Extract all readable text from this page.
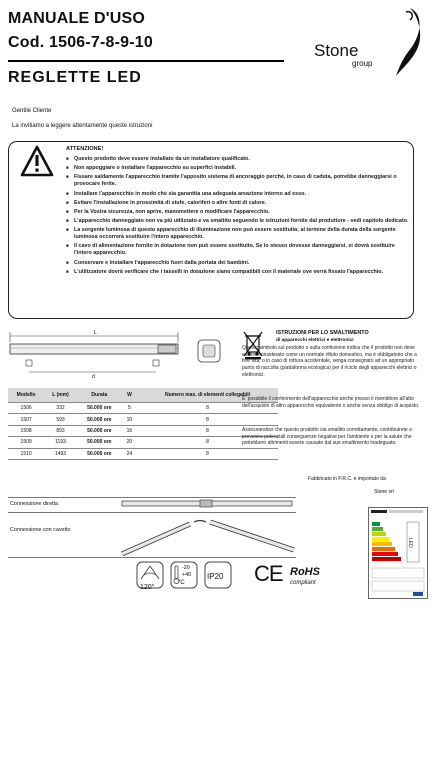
MANUALE D'USO
Cod. 1506-7-8-9-10
REGLETTE LED
Stone
group
Gentile Cliente
La invitiamo a leggere attentamente queste istruzioni
ATTENZIONE!
■ Questo prodotto deve essere installato da un installatore qualificato.
■ Non appoggiare o installare l'apparecchio su superfici instabili.
■ Fissare saldamente l'apparecchio tramite l'apposito sistema di ancoraggio perché, in caso di caduta, potrebbe danneggiarsi o provocare ferite.
■ Installare l'apparecchio in modo che sia garantita una adeguata areazione intorno ad esso.
■ Evitare l'installazione in prossimità di stufe, caloriferi o altre fonti di calore.
■ Per la Vostra sicurezza, non aprire, manomettere o modificare l'apparecchio.
■ L'apparecchio danneggiato non va più utilizzato e va smaltito seguendo le istruzioni fornite dal produttore - vedi capitolo dedicato.
■ La sorgente luminosa di questo apparecchio di illuminazione non può essere sostituita; al termine della durata della sorgente luminosa occorrerà sostituire l'intero apparecchio.
■ Il cavo di alimentazione fornito in dotazione non può essere sostituito. Se lo stesso dovesse danneggiarsi, si dovrà sostituire l'intero apparecchio.
■ Conservare e installare l'apparecchio fuori dalla portata dei bambini.
■ L'utilizzatore dovrà verificare che i tasselli in dotazione siano compatibili con il materiale ove verrà fissato l'apparecchio.
L
d
Modello	L (mm)	Durata	W	Numero max. di elementi collegabili
1506	332	50.000 ore	5	8
1507	593	50.000 ore	10	8
1508	893	50.000 ore	16	8
1509	1193	50.000 ore	20	8
1510	1493	50.000 ore	24	8
ISTRUZIONI PER LO SMALTIMENTO
di apparecchi elettrici e elettronici
Questo simbolo sul prodotto o sulla confezione indica che il prodotto non deve essere considerato come un normale rifiuto domestico, ma è obbligatorio che a fine vita, o in caso di rottura accidentale, venga consegnato ad un appropriato punto di raccolta (piattaforma ecologica) per il riciclo degli apparecchi elettrici o elettronici.
E' possibile il conferimento dell'apparecchio anche presso il rivenditore all'atto dell'acquisto di altro apparecchio equivalente o anche senza obbligo di acquisto.
Assicurandovi che questo prodotto sia smaltito correttamente, contribuirete a prevenire potenziali conseguenze negative per l'ambiente e per la salute che potrebbero altrimenti essere causate dal suo smaltimento inadeguato.
Fabbricato in P.R.C. e importato da
Stone srl
Connessione diretta
Connessione con cavetto
120°
-20
+40
°C
IP20 CE RoHS
compliant
LED
